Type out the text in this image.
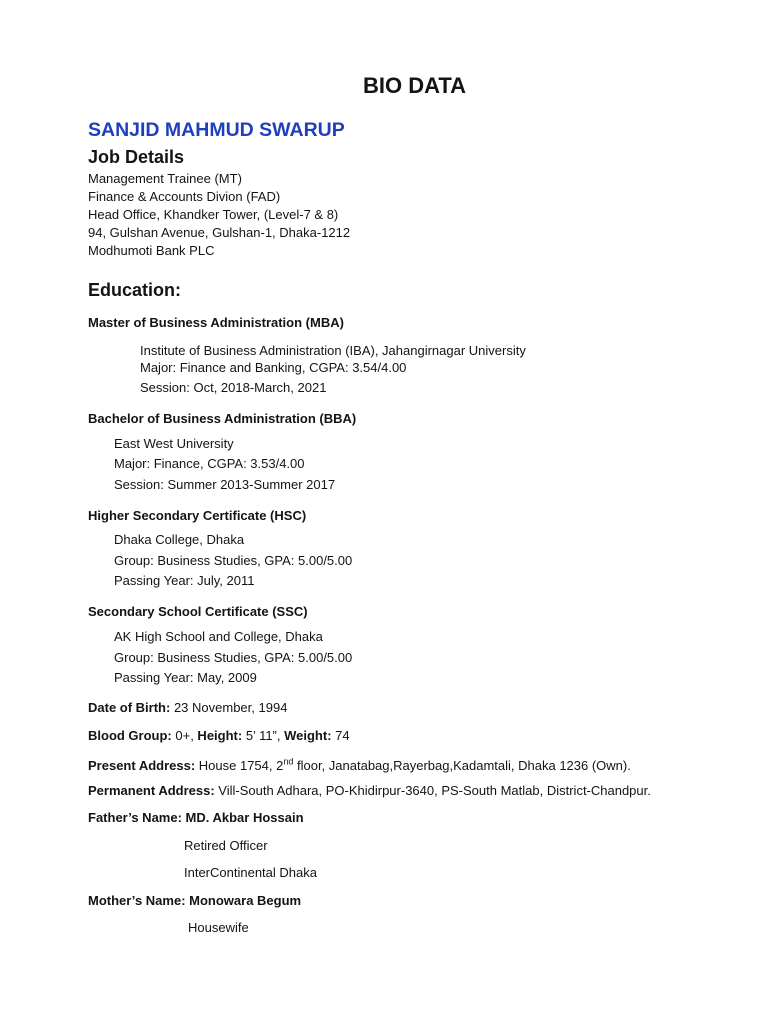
BIO DATA
SANJID MAHMUD SWARUP
Job Details
Management Trainee (MT)
Finance & Accounts Divion (FAD)
Head Office, Khandker Tower, (Level-7 & 8)
94, Gulshan Avenue, Gulshan-1, Dhaka-1212
Modhumoti Bank PLC
Education:
Master of Business Administration (MBA)
Institute of Business Administration (IBA), Jahangirnagar University
Major: Finance and Banking, CGPA: 3.54/4.00
Session: Oct, 2018-March, 2021
Bachelor of Business Administration (BBA)
East West University
Major: Finance, CGPA: 3.53/4.00
Session: Summer 2013-Summer 2017
Higher Secondary Certificate (HSC)
Dhaka College, Dhaka
Group: Business Studies, GPA: 5.00/5.00
Passing Year: July, 2011
Secondary School Certificate (SSC)
AK High School and College, Dhaka
Group: Business Studies, GPA: 5.00/5.00
Passing Year: May, 2009
Date of Birth: 23 November, 1994
Blood Group: 0+, Height: 5’ 11”, Weight: 74
Present Address: House 1754, 2nd floor, Janatabag,Rayerbag,Kadamtali, Dhaka 1236 (Own).
Permanent Address: Vill-South Adhara, PO-Khidirpur-3640, PS-South Matlab, District-Chandpur.
Father’s Name: MD. Akbar Hossain
Retired Officer
InterContinental Dhaka
Mother’s Name: Monowara Begum
Housewife
